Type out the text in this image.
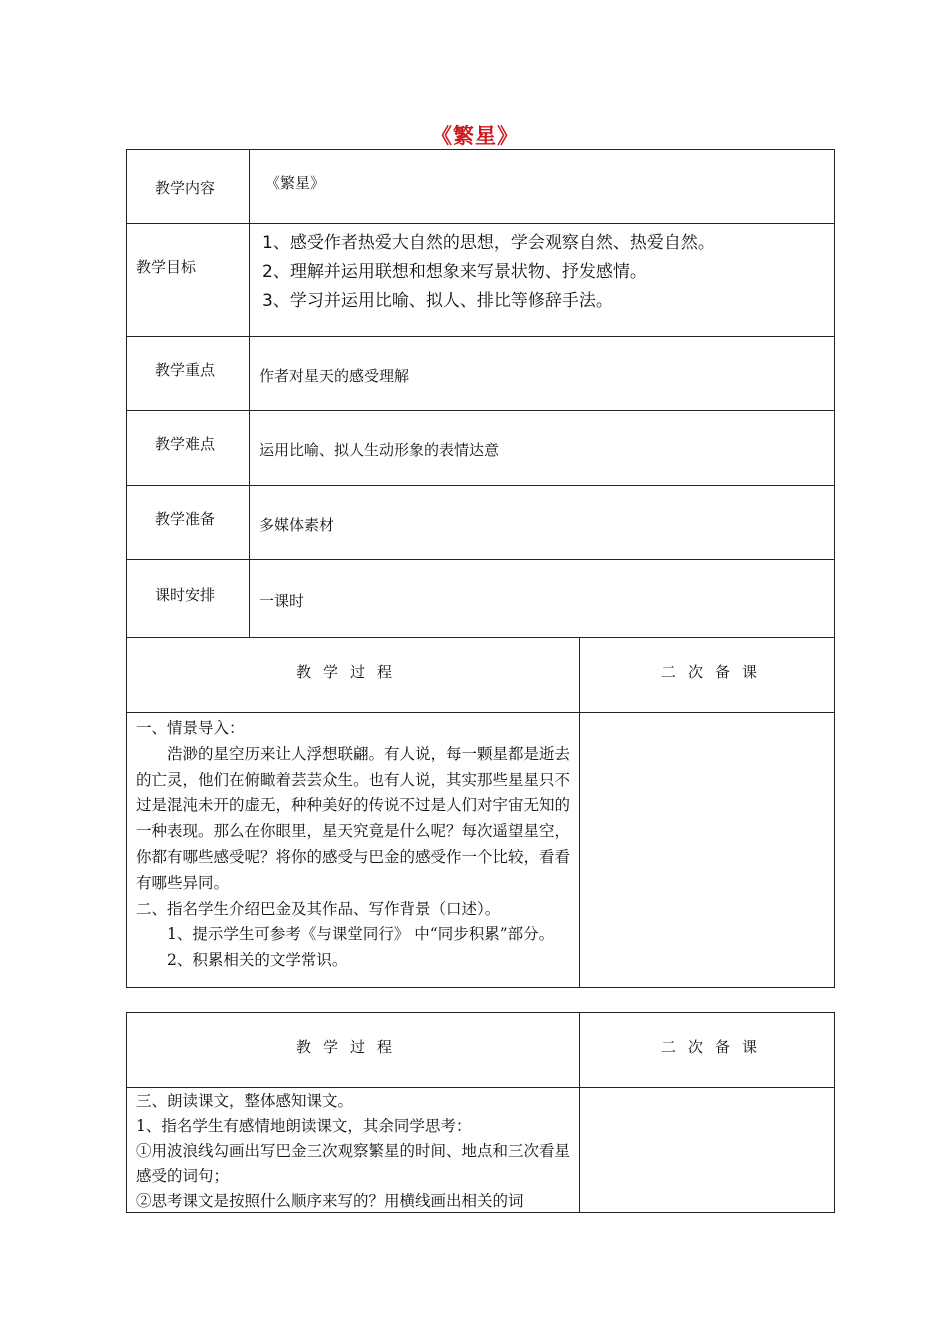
《繁星》
教学内容	《繁星》
教学目标
1、感受作者热爱大自然的思想，学会观察自然、热爱自然。
2、理解并运用联想和想象来写景状物、抒发感情。
3、学习并运用比喻、拟人、排比等修辞手法。
教学重点	作者对星天的感受理解
教学难点	运用比喻、拟人生动形象的表情达意
教学准备	多媒体素材
课时安排	一课时
教学过程	二次备课

一、情景导入：

浩渺的星空历来让人浮想联翩。有人说，每一颗星都是逝去的亡灵，他们在俯瞰着芸芸众生。也有人说，其实那些星星只不过是混沌未开的虚无，种种美好的传说不过是人们对宇宙无知的一种表现。那么在你眼里，星天究竟是什么呢？每次遥望星空，你都有哪些感受呢？将你的感受与巴金的感受作一个比较，看看有哪些异同。

二、指名学生介绍巴金及其作品、写作背景（口述）。

1、提示学生可参考《与课堂同行》 中“同步积累”部分。

2、积累相关的文学常识。

教学过程	二次备课

三、朗读课文，整体感知课文。

1、指名学生有感情地朗读课文，其余同学思考：

①用波浪线勾画出写巴金三次观察繁星的时间、地点和三次看星感受的词句；

②思考课文是按照什么顺序来写的？用横线画出相关的词
